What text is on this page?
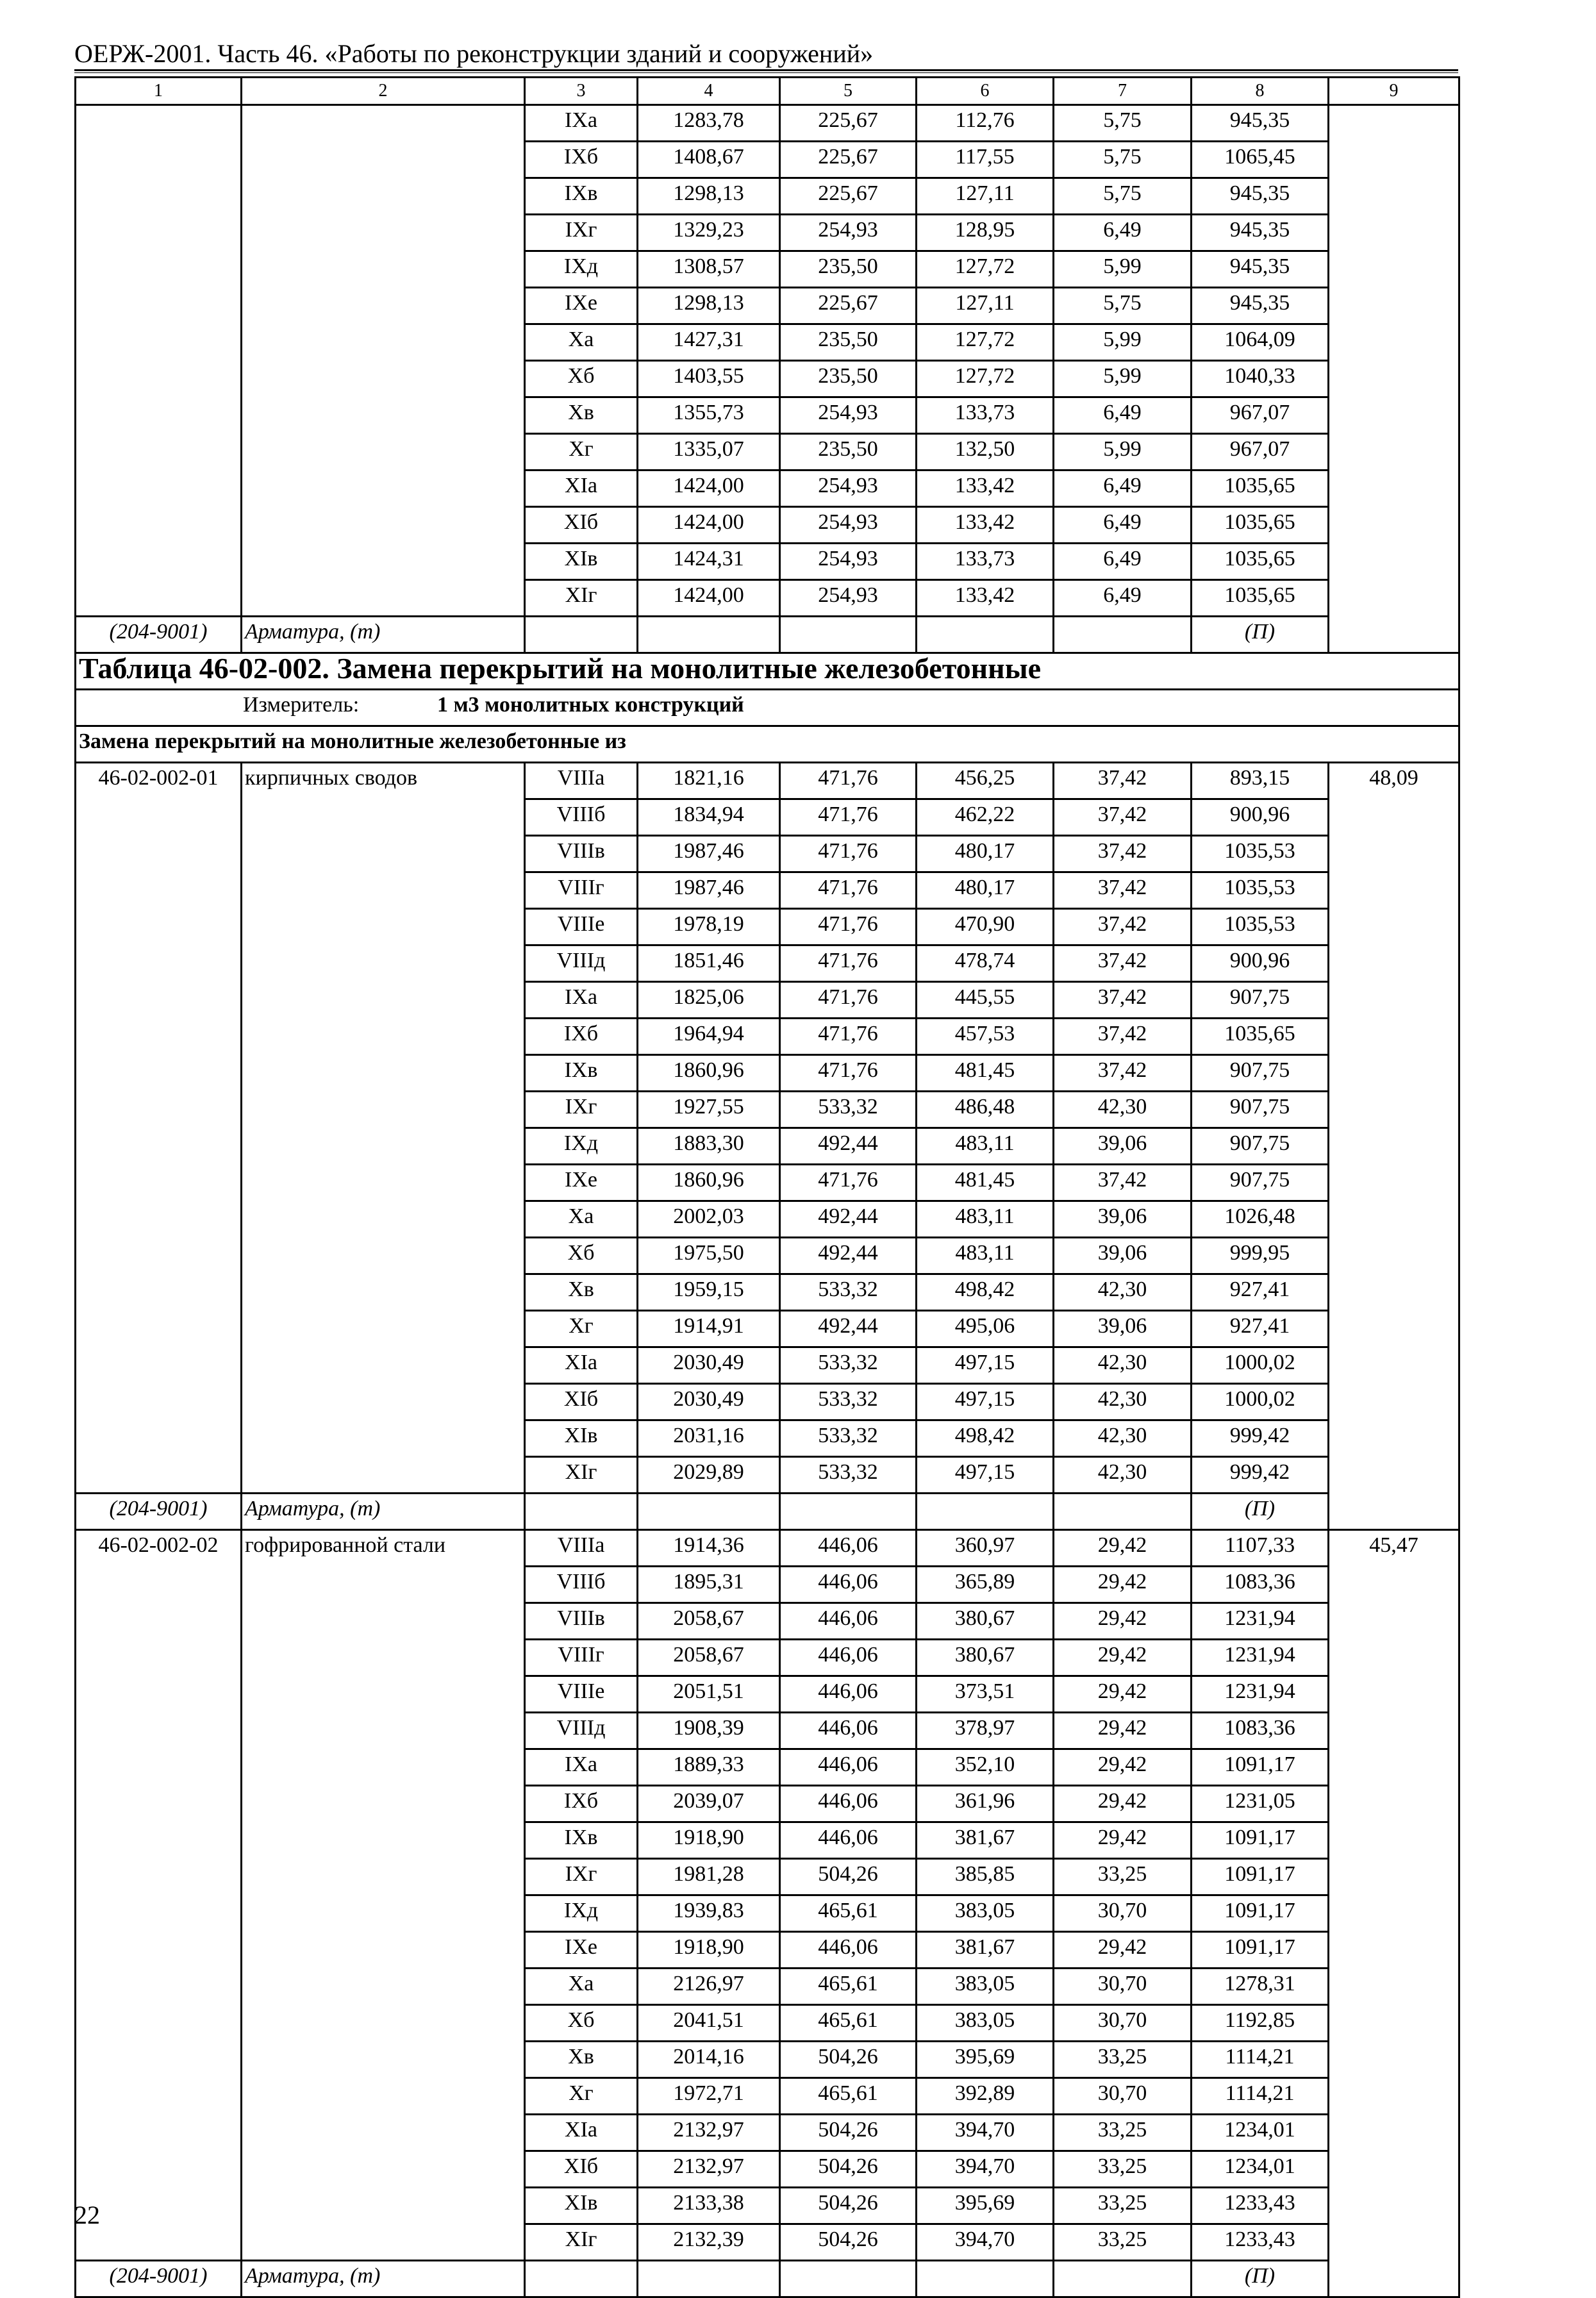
ОЕРЖ-2001. Часть 46. «Работы по реконструкции зданий и сооружений»
1	2	3	4	5	6	7	8	9
		IXа	1283,78	225,67	112,76	5,75	945,35	
		IXб	1408,67	225,67	117,55	5,75	1065,45	
		IXв	1298,13	225,67	127,11	5,75	945,35	
		IXг	1329,23	254,93	128,95	6,49	945,35	
		IXд	1308,57	235,50	127,72	5,99	945,35	
		IXе	1298,13	225,67	127,11	5,75	945,35	
		Xа	1427,31	235,50	127,72	5,99	1064,09	
		Xб	1403,55	235,50	127,72	5,99	1040,33	
		Xв	1355,73	254,93	133,73	6,49	967,07	
		Xг	1335,07	235,50	132,50	5,99	967,07	
		XIа	1424,00	254,93	133,42	6,49	1035,65	
		XIб	1424,00	254,93	133,42	6,49	1035,65	
		XIв	1424,31	254,93	133,73	6,49	1035,65	
		XIг	1424,00	254,93	133,42	6,49	1035,65	
(204-9001)	Арматура, (т)						(П)	
Таблица 46-02-002. Замена перекрытий на монолитные железобетонные								
Измеритель: 1 м3 монолитных конструкций								
Замена перекрытий на монолитные железобетонные из								
46-02-002-01	кирпичных сводов	VIIIа	1821,16	471,76	456,25	37,42	893,15	48,09
		VIIIб	1834,94	471,76	462,22	37,42	900,96	
		VIIIв	1987,46	471,76	480,17	37,42	1035,53	
		VIIIг	1987,46	471,76	480,17	37,42	1035,53	
		VIIIе	1978,19	471,76	470,90	37,42	1035,53	
		VIIIд	1851,46	471,76	478,74	37,42	900,96	
		IXа	1825,06	471,76	445,55	37,42	907,75	
		IXб	1964,94	471,76	457,53	37,42	1035,65	
		IXв	1860,96	471,76	481,45	37,42	907,75	
		IXг	1927,55	533,32	486,48	42,30	907,75	
		IXд	1883,30	492,44	483,11	39,06	907,75	
		IXе	1860,96	471,76	481,45	37,42	907,75	
		Xа	2002,03	492,44	483,11	39,06	1026,48	
		Xб	1975,50	492,44	483,11	39,06	999,95	
		Xв	1959,15	533,32	498,42	42,30	927,41	
		Xг	1914,91	492,44	495,06	39,06	927,41	
		XIа	2030,49	533,32	497,15	42,30	1000,02	
		XIб	2030,49	533,32	497,15	42,30	1000,02	
		XIв	2031,16	533,32	498,42	42,30	999,42	
		XIг	2029,89	533,32	497,15	42,30	999,42	
(204-9001)	Арматура, (т)						(П)	
46-02-002-02	гофрированной стали	VIIIа	1914,36	446,06	360,97	29,42	1107,33	45,47
		VIIIб	1895,31	446,06	365,89	29,42	1083,36	
		VIIIв	2058,67	446,06	380,67	29,42	1231,94	
		VIIIг	2058,67	446,06	380,67	29,42	1231,94	
		VIIIе	2051,51	446,06	373,51	29,42	1231,94	
		VIIIд	1908,39	446,06	378,97	29,42	1083,36	
		IXа	1889,33	446,06	352,10	29,42	1091,17	
		IXб	2039,07	446,06	361,96	29,42	1231,05	
		IXв	1918,90	446,06	381,67	29,42	1091,17	
		IXг	1981,28	504,26	385,85	33,25	1091,17	
		IXд	1939,83	465,61	383,05	30,70	1091,17	
		IXе	1918,90	446,06	381,67	29,42	1091,17	
		Xа	2126,97	465,61	383,05	30,70	1278,31	
		Xб	2041,51	465,61	383,05	30,70	1192,85	
		Xв	2014,16	504,26	395,69	33,25	1114,21	
		Xг	1972,71	465,61	392,89	30,70	1114,21	
		XIа	2132,97	504,26	394,70	33,25	1234,01	
		XIб	2132,97	504,26	394,70	33,25	1234,01	
		XIв	2133,38	504,26	395,69	33,25	1233,43	
		XIг	2132,39	504,26	394,70	33,25	1233,43	
(204-9001)	Арматура, (т)						(П)	
22
